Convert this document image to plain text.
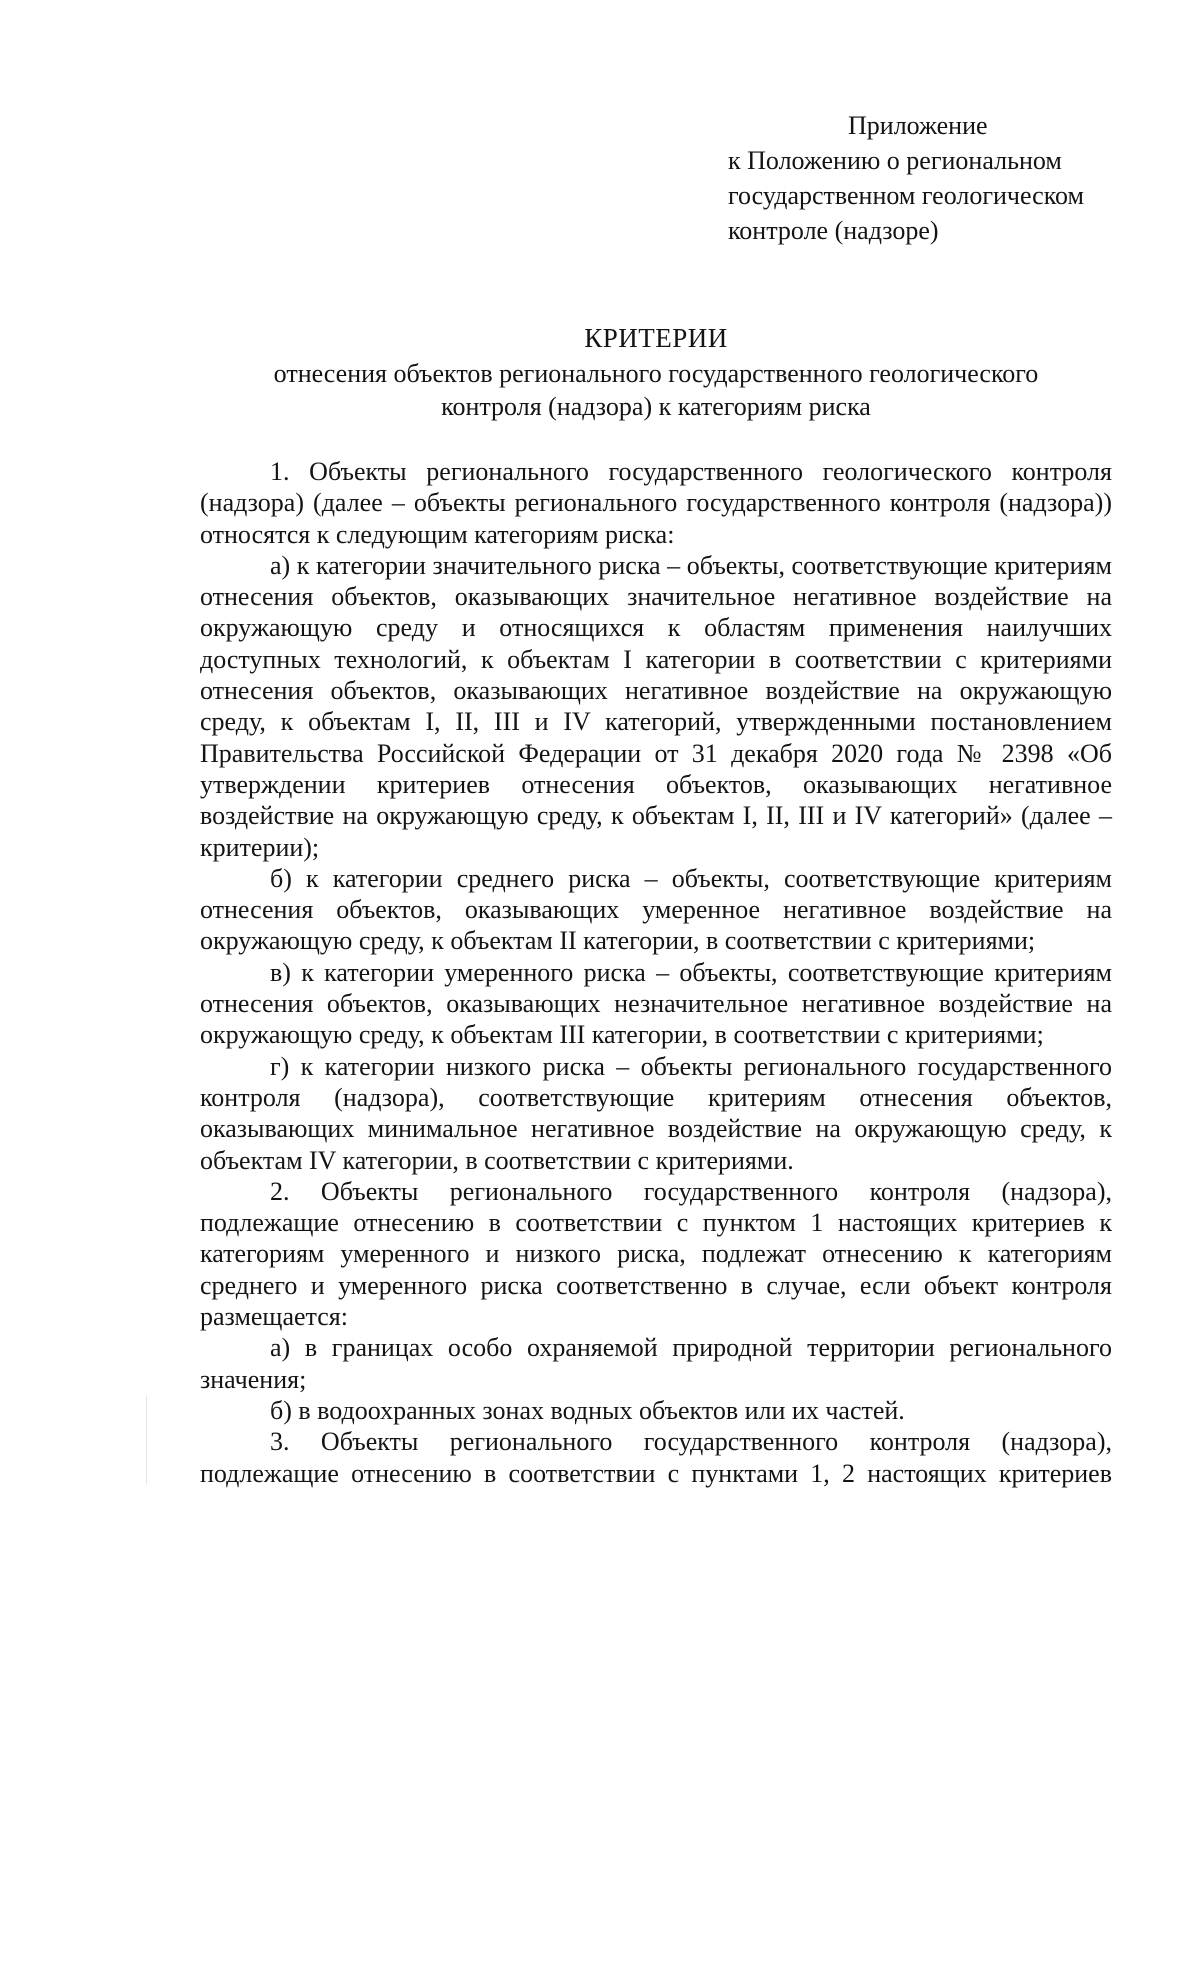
Приложение
к Положению о региональном
государственном геологическом
контроле (надзоре)
КРИТЕРИИ
отнесения объектов регионального государственного геологического
контроля (надзора) к категориям риска

1. Объекты регионального государственного геологического контроля (надзора) (далее – объекты регионального государственного контроля (надзора)) относятся к следующим категориям риска:

а) к категории значительного риска – объекты, соответствующие критериям отнесения объектов, оказывающих значительное негативное воздействие на окружающую среду и относящихся к областям применения наилучших доступных технологий, к объектам I категории в соответствии с критериями отнесения объектов, оказывающих негативное воздействие на окружающую среду, к объектам I, II, III и IV категорий, утвержденными постановлением Правительства Российской Федерации от 31 декабря 2020 года № 2398 «Об утверждении критериев отнесения объектов, оказывающих негативное воздействие на окружающую среду, к объектам I, II, III и IV категорий» (далее – критерии);

б) к категории среднего риска – объекты, соответствующие критериям отнесения объектов, оказывающих умеренное негативное воздействие на окружающую среду, к объектам II категории, в соответствии с критериями;

в) к категории умеренного риска – объекты, соответствующие критериям отнесения объектов, оказывающих незначительное негативное воздействие на окружающую среду, к объектам III категории, в соответствии с критериями;

г) к категории низкого риска – объекты регионального государственного контроля (надзора), соответствующие критериям отнесения объектов, оказывающих минимальное негативное воздействие на окружающую среду, к объектам IV категории, в соответствии с критериями.

2. Объекты регионального государственного контроля (надзора), подлежащие отнесению в соответствии с пунктом 1 настоящих критериев к категориям умеренного и низкого риска, подлежат отнесению к категориям среднего и умеренного риска соответственно в случае, если объект контроля размещается:

а) в границах особо охраняемой природной территории регионального значения;

б) в водоохранных зонах водных объектов или их частей.

3. Объекты регионального государственного контроля (надзора), подлежащие отнесению в соответствии с пунктами 1, 2 настоящих критериев
